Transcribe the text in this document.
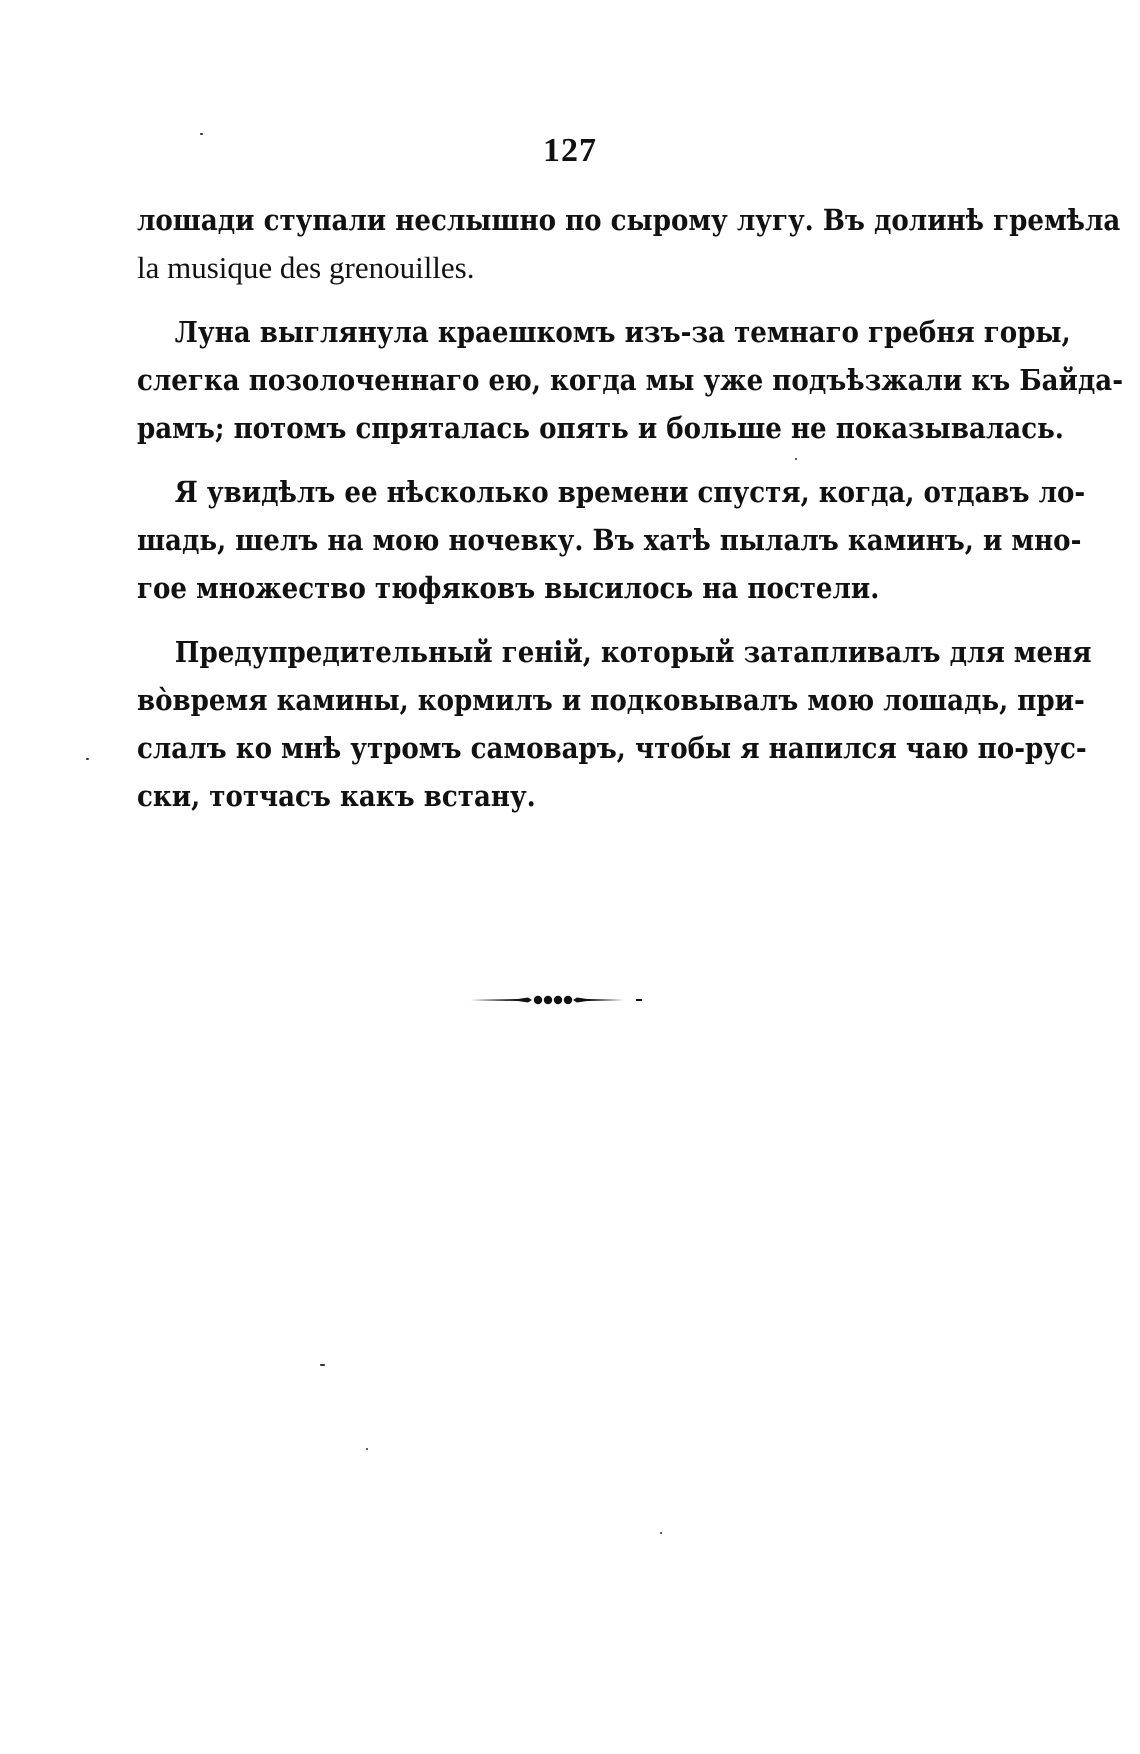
127
лошади ступали неслышно по сырому лугу. Въ долинѣ гремѣла
la musique des grenouilles.
Луна выглянула краешкомъ изъ-за темнаго гребня горы,
слегка позолоченнаго ею, когда мы уже подъѣзжали къ Байда-
рамъ; потомъ спряталась опять и больше не показывалась.
Я увидѣлъ ее нѣсколько времени спустя, когда, отдавъ ло-
шадь, шелъ на мою ночевку. Въ хатѣ пылалъ каминъ, и мно-
гое множество тюфяковъ высилось на постели.
Предупредительный генiй, который затапливалъ для меня
во̀время камины, кормилъ и подковывалъ мою лошадь, при-
слалъ ко мнѣ утромъ самоваръ, чтобы я напился чаю по-рус-
ски, тотчасъ какъ встану.
